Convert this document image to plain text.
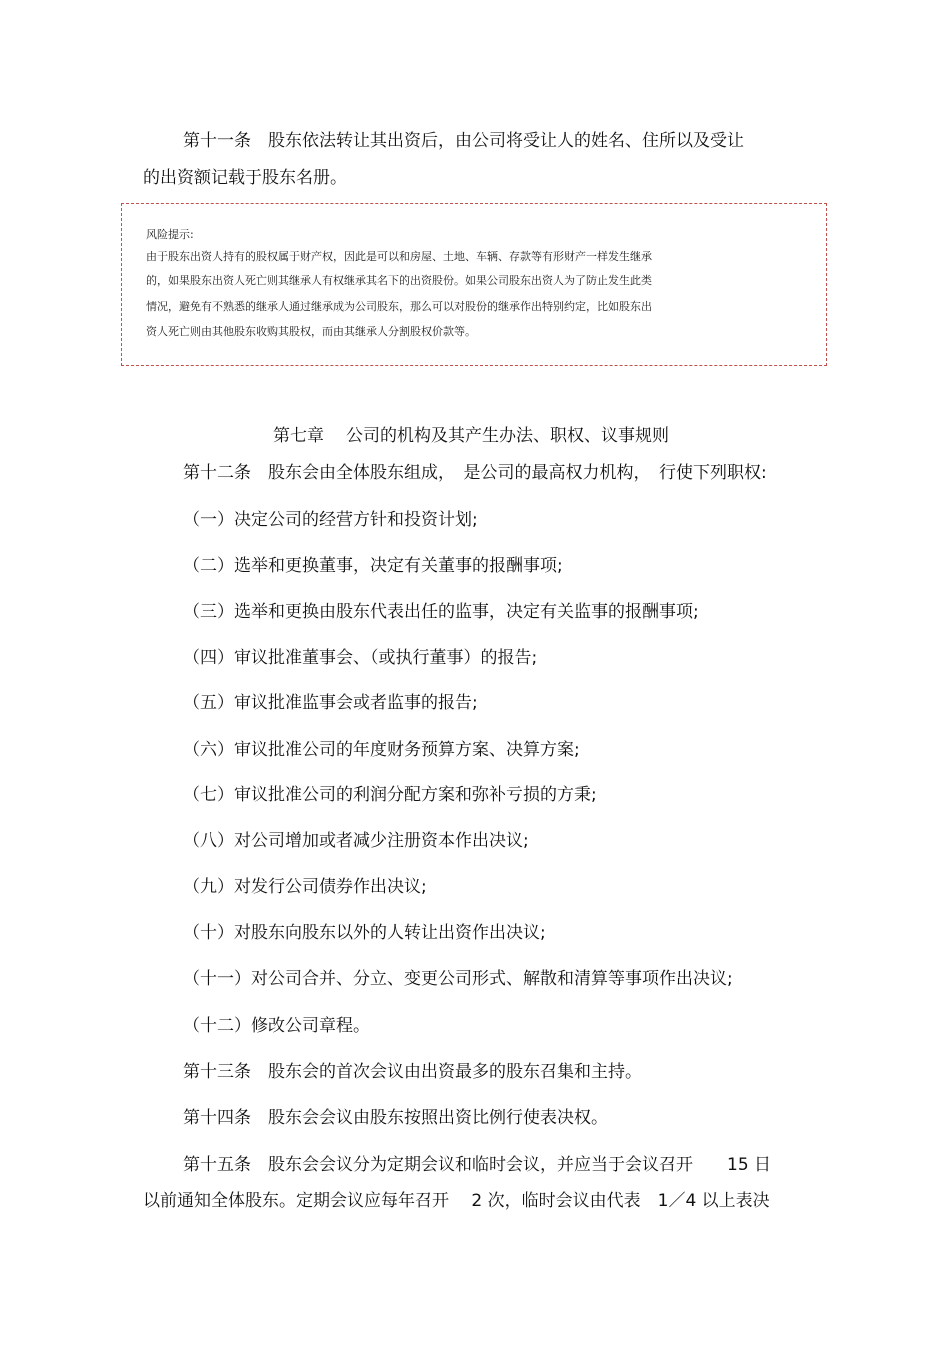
第十一条　股东依法转让其出资后，由公司将受让人的姓名、住所以及受让
的出资额记载于股东名册。
风险提示:
由于股东出资人持有的股权属于财产权，因此是可以和房屋、土地、车辆、存款等有形财产一样发生继承
的，如果股东出资人死亡则其继承人有权继承其名下的出资股份。如果公司股东出资人为了防止发生此类
情况，避免有不熟悉的继承人通过继承成为公司股东，那么可以对股份的继承作出特别约定，比如股东出
资人死亡则由其他股东收购其股权，而由其继承人分割股权价款等。
第七章 公司的机构及其产生办法、职权、议事规则
第十二条　股东会由全体股东组成，　是公司的最高权力机构，　行使下列职权:
（一）决定公司的经营方针和投资计划;
（二）选举和更换董事，决定有关董事的报酬事项;
（三）选举和更换由股东代表出任的监事，决定有关监事的报酬事项;
（四）审议批准董事会、（或执行董事）的报告;
（五）审议批准监事会或者监事的报告;
（六）审议批准公司的年度财务预算方案、决算方案;
（七）审议批准公司的利润分配方案和弥补亏损的方秉;
（八）对公司增加或者减少注册资本作出决议;
（九）对发行公司债券作出决议;
（十）对股东向股东以外的人转让出资作出决议;
（十一）对公司合并、分立、变更公司形式、解散和清算等事项作出决议;
（十二）修改公司章程。
第十三条　股东会的首次会议由出资最多的股东召集和主持。
第十四条　股东会会议由股东按照出资比例行使表决权。
第十五条　股东会会议分为定期会议和临时会议，并应当于会议召开　　15 日
以前通知全体股东。定期会议应每年召开　 2 次，临时会议由代表　1／4 以上表决
